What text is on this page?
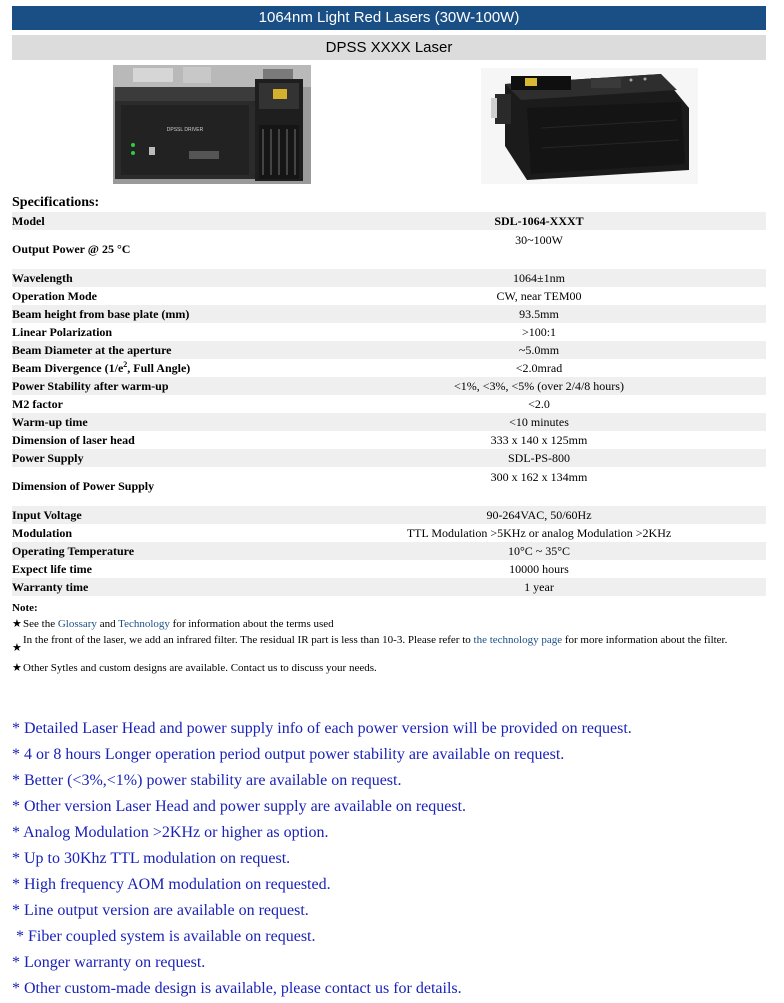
1064nm Light Red Lasers (30W-100W)
DPSS XXXX Laser
DPSSL DRIVER
Specifications:
Model	SDL-1064-XXXT
Output Power @ 25 °C	30~100W
Wavelength	1064±1nm
Operation Mode	CW, near TEM00
Beam height from base plate (mm)	93.5mm
Linear Polarization	>100:1
Beam Diameter at the aperture	~5.0mm
Beam Divergence ($1/e^2$, Full Angle)	<2.0mrad
Power Stability after warm-up	<1%, <3%, <5% (over 2/4/8 hours)
M2 factor	<2.0
Warm-up time	<10 minutes
Dimension of laser head	333 x 140 x 125mm
Power Supply	SDL-PS-800
Dimension of Power Supply	300 x 162 x 134mm
Input Voltage	90-264VAC, 50/60Hz
Modulation	TTL Modulation >5KHz or analog Modulation >2KHz
Operating Temperature	10°C ~ 35°C
Expect life time	10000 hours
Warranty time	1 year
Note:
★ See the Glossary and Technology for information about the terms used
★
In the front of the laser, we add an infrared filter. The residual IR part is less than 10-3. Please refer to the technology page for more information about the filter.
★ Other Sytles and custom designs are available. Contact us to discuss your needs.
* Detailed Laser Head and power supply info of each power version will be provided on request.
* 4 or 8 hours Longer operation period output power stability are available on request.
* Better (<3%,<1%) power stability are available on request.
* Other version Laser Head and power supply are available on request.
* Analog Modulation >2KHz or higher as option.
* Up to 30Khz TTL modulation on request.
* High frequency AOM modulation on requested.
* Line output version are available on request.
* Fiber coupled system is available on request.
* Longer warranty on request.
* Other custom-made design is available, please contact us for details.
